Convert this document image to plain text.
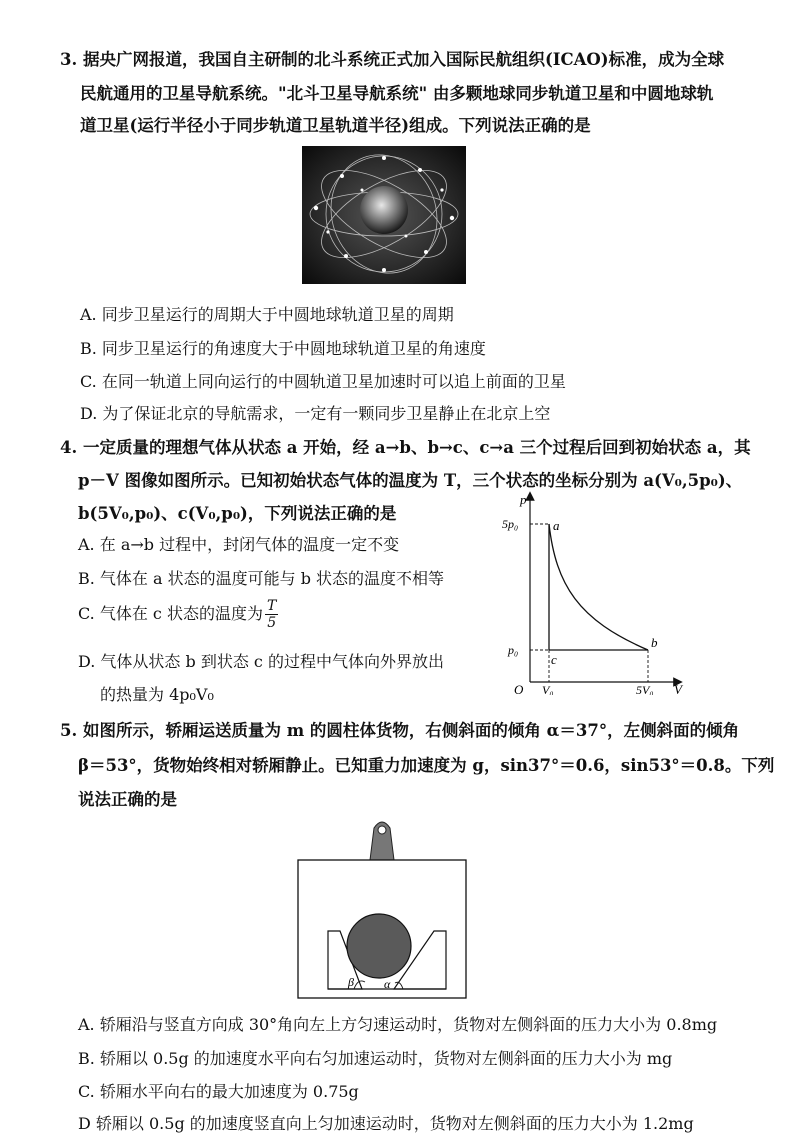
3. 据央广网报道，我国自主研制的北斗系统正式加入国际民航组织(ICAO)标准，成为全球
民航通用的卫星导航系统。"北斗卫星导航系统" 由多颗地球同步轨道卫星和中圆地球轨
道卫星(运行半径小于同步轨道卫星轨道半径)组成。下列说法正确的是
A. 同步卫星运行的周期大于中圆地球轨道卫星的周期
B. 同步卫星运行的角速度大于中圆地球轨道卫星的角速度
C. 在同一轨道上同向运行的中圆轨道卫星加速时可以追上前面的卫星
D. 为了保证北京的导航需求，一定有一颗同步卫星静止在北京上空
4. 一定质量的理想气体从状态 a 开始，经 a→b、b→c、c→a 三个过程后回到初始状态 a，其
p－V 图像如图所示。已知初始状态气体的温度为 T，三个状态的坐标分别为 a(V₀,5p₀)、
b(5V₀,p₀)、c(V₀,p₀)，下列说法正确的是
A. 在 a→b 过程中，封闭气体的温度一定不变
B. 气体在 a 状态的温度可能与 b 状态的温度不相等
C. 气体在 c 状态的温度为 $\frac{T}{5}$
D. 气体从状态 b 到状态 c 的过程中气体向外界放出
的热量为 4p₀V₀
p
V
O
5p₀
p₀
V₀	5V₀
a
b
c
5. 如图所示，轿厢运送质量为 m 的圆柱体货物，右侧斜面的倾角 α＝37°，左侧斜面的倾角
β＝53°，货物始终相对轿厢静止。已知重力加速度为 g，sin37°＝0.6，sin53°＝0.8。下列
说法正确的是
β	α
A. 轿厢沿与竖直方向成 30°角向左上方匀速运动时，货物对左侧斜面的压力大小为 0.8mg
B. 轿厢以 0.5g 的加速度水平向右匀加速运动时，货物对左侧斜面的压力大小为 mg
C. 轿厢水平向右的最大加速度为 0.75g
D 轿厢以 0.5g 的加速度竖直向上匀加速运动时，货物对左侧斜面的压力大小为 1.2mg
